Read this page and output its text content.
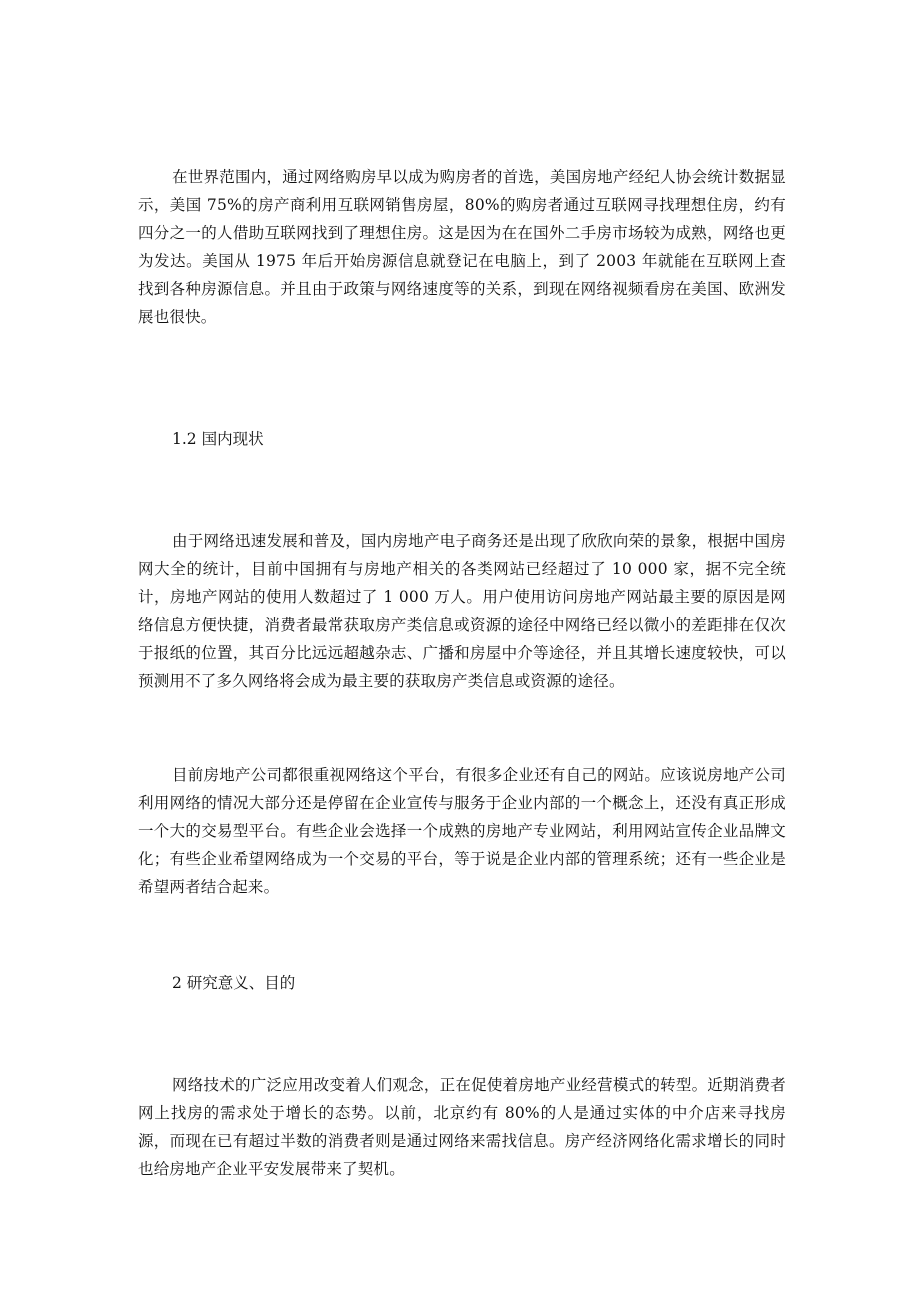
在世界范围内，通过网络购房早以成为购房者的首选，美国房地产经纪人协会统计数据显示，美国 75%的房产商利用互联网销售房屋，80%的购房者通过互联网寻找理想住房，约有四分之一的人借助互联网找到了理想住房。这是因为在在国外二手房市场较为成熟，网络也更为发达。美国从 1975 年后开始房源信息就登记在电脑上，到了 2003 年就能在互联网上查找到各种房源信息。并且由于政策与网络速度等的关系，到现在网络视频看房在美国、欧洲发展也很快。

1.2 国内现状

由于网络迅速发展和普及，国内房地产电子商务还是出现了欣欣向荣的景象，根据中国房网大全的统计，目前中国拥有与房地产相关的各类网站已经超过了 10 000 家，据不完全统计，房地产网站的使用人数超过了 1 000 万人。用户使用访问房地产网站最主要的原因是网络信息方便快捷，消费者最常获取房产类信息或资源的途径中网络已经以微小的差距排在仅次于报纸的位置，其百分比远远超越杂志、广播和房屋中介等途径，并且其增长速度较快，可以预测用不了多久网络将会成为最主要的获取房产类信息或资源的途径。

目前房地产公司都很重视网络这个平台，有很多企业还有自己的网站。应该说房地产公司利用网络的情况大部分还是停留在企业宣传与服务于企业内部的一个概念上，还没有真正形成一个大的交易型平台。有些企业会选择一个成熟的房地产专业网站，利用网站宣传企业品牌文化；有些企业希望网络成为一个交易的平台，等于说是企业内部的管理系统；还有一些企业是希望两者结合起来。

2 研究意义、目的

网络技术的广泛应用改变着人们观念，正在促使着房地产业经营模式的转型。近期消费者网上找房的需求处于增长的态势。以前，北京约有 80%的人是通过实体的中介店来寻找房源，而现在已有超过半数的消费者则是通过网络来需找信息。房产经济网络化需求增长的同时也给房地产企业平安发展带来了契机。
